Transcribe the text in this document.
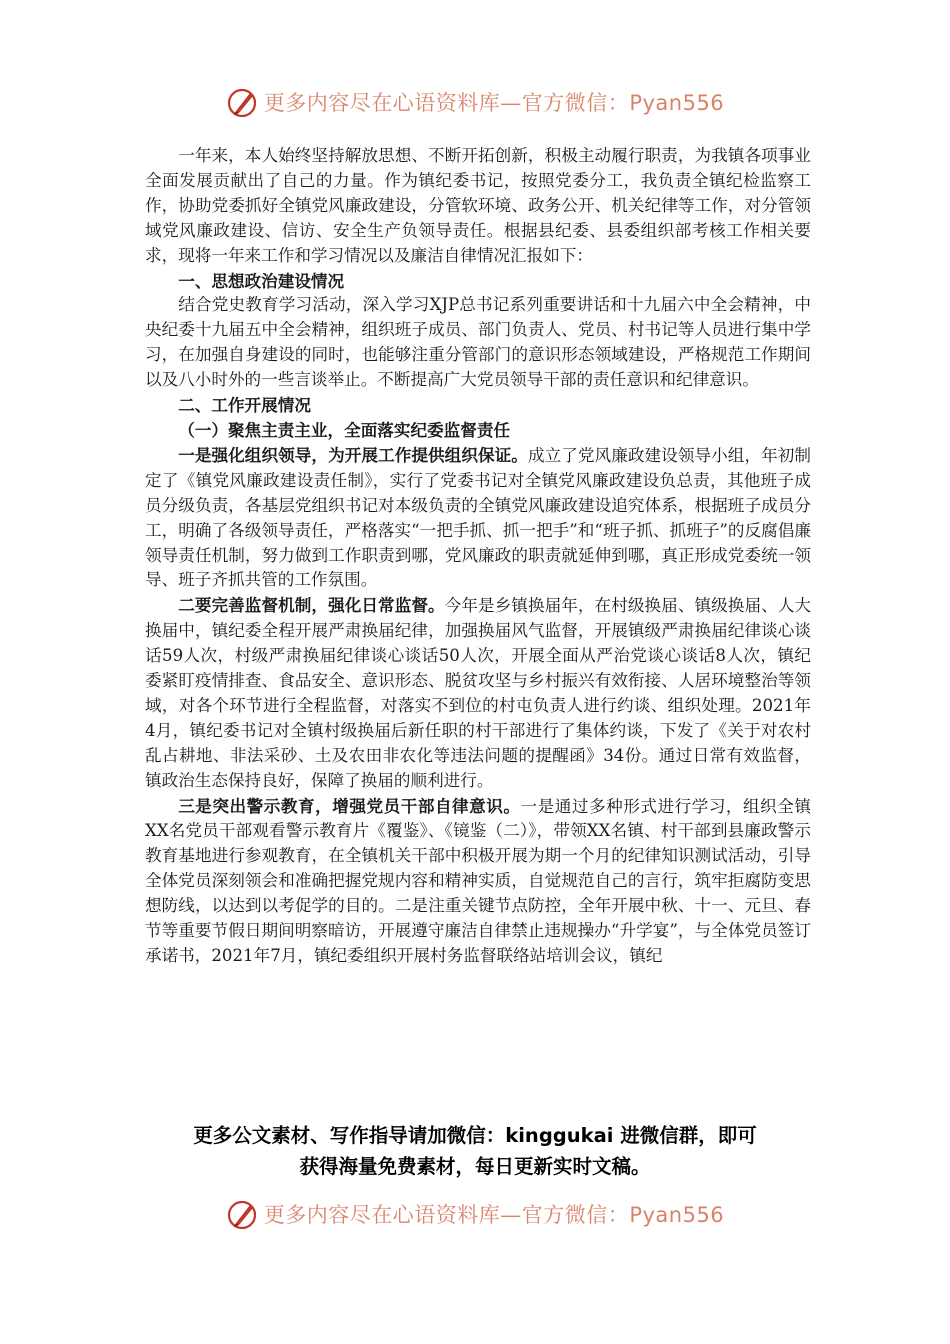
更多内容尽在心语资料库—官方微信：Pyan556

一年来，本人始终坚持解放思想、不断开拓创新，积极主动履行职责，为我镇各项事业全面发展贡献出了自己的力量。作为镇纪委书记，按照党委分工，我负责全镇纪检监察工作，协助党委抓好全镇党风廉政建设，分管软环境、政务公开、机关纪律等工作，对分管领域党风廉政建设、信访、安全生产负领导责任。根据县纪委、县委组织部考核工作相关要求，现将一年来工作和学习情况以及廉洁自律情况汇报如下：

一、思想政治建设情况

结合党史教育学习活动，深入学习XJP总书记系列重要讲话和十九届六中全会精神，中央纪委十九届五中全会精神，组织班子成员、部门负责人、党员、村书记等人员进行集中学习，在加强自身建设的同时，也能够注重分管部门的意识形态领域建设，严格规范工作期间以及八小时外的一些言谈举止。不断提高广大党员领导干部的责任意识和纪律意识。

二、工作开展情况

（一）聚焦主责主业，全面落实纪委监督责任

一是强化组织领导，为开展工作提供组织保证。成立了党风廉政建设领导小组，年初制定了《镇党风廉政建设责任制》，实行了党委书记对全镇党风廉政建设负总责，其他班子成员分级负责，各基层党组织书记对本级负责的全镇党风廉政建设追究体系，根据班子成员分工，明确了各级领导责任，严格落实“一把手抓、抓一把手”和“班子抓、抓班子”的反腐倡廉领导责任机制，努力做到工作职责到哪，党风廉政的职责就延伸到哪，真正形成党委统一领导、班子齐抓共管的工作氛围。

二要完善监督机制，强化日常监督。今年是乡镇换届年，在村级换届、镇级换届、人大换届中，镇纪委全程开展严肃换届纪律，加强换届风气监督，开展镇级严肃换届纪律谈心谈话59人次，村级严肃换届纪律谈心谈话50人次，开展全面从严治党谈心谈话8人次，镇纪委紧盯疫情排查、食品安全、意识形态、脱贫攻坚与乡村振兴有效衔接、人居环境整治等领域，对各个环节进行全程监督，对落实不到位的村屯负责人进行约谈、组织处理。2021年4月，镇纪委书记对全镇村级换届后新任职的村干部进行了集体约谈，下发了《关于对农村乱占耕地、非法采砂、土及农田非农化等违法问题的提醒函》34份。通过日常有效监督，镇政治生态保持良好，保障了换届的顺利进行。

三是突出警示教育，增强党员干部自律意识。一是通过多种形式进行学习，组织全镇XX名党员干部观看警示教育片《覆鉴》、《镜鉴（二）》，带领XX名镇、村干部到县廉政警示教育基地进行参观教育，在全镇机关干部中积极开展为期一个月的纪律知识测试活动，引导全体党员深刻领会和准确把握党规内容和精神实质，自觉规范自己的言行，筑牢拒腐防变思想防线，以达到以考促学的目的。二是注重关键节点防控，全年开展中秋、十一、元旦、春节等重要节假日期间明察暗访，开展遵守廉洁自律禁止违规操办“升学宴”，与全体党员签订承诺书，2021年7月，镇纪委组织开展村务监督联络站培训会议，镇纪

更多公文素材、写作指导请加微信：kinggukai 进微信群，即可
获得海量免费素材，每日更新实时文稿。
更多内容尽在心语资料库—官方微信：Pyan556
